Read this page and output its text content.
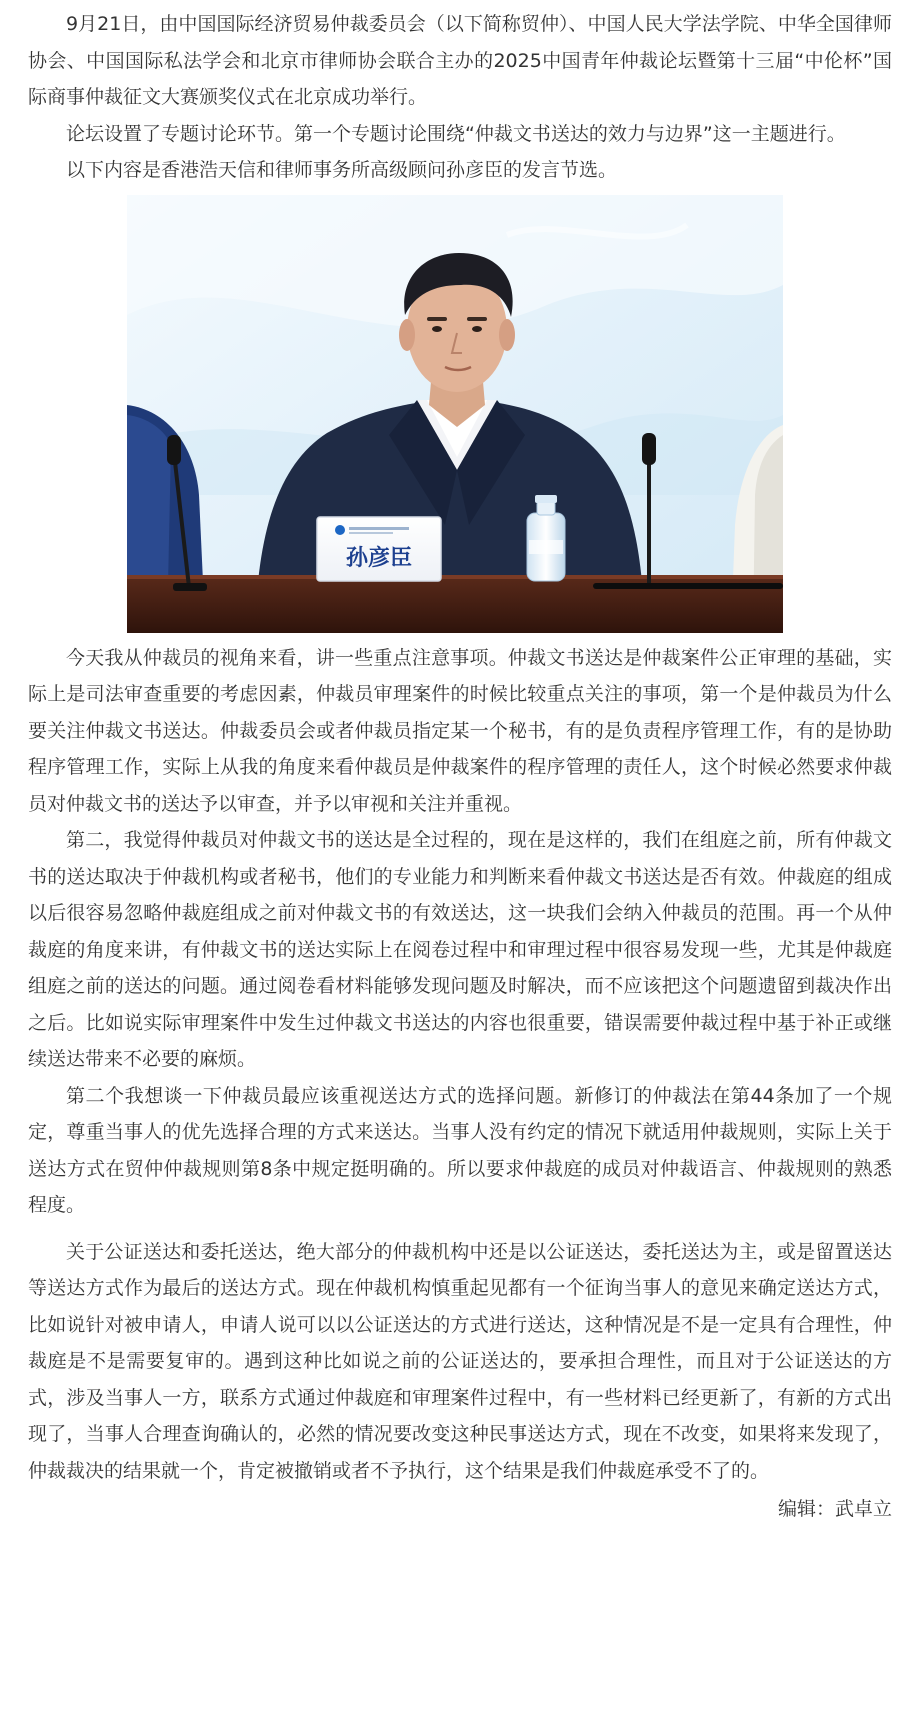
9月21日，由中国国际经济贸易仲裁委员会（以下简称贸仲）、中国人民大学法学院、中华全国律师协会、中国国际私法学会和北京市律师协会联合主办的2025中国青年仲裁论坛暨第十三届“中伦杯”国际商事仲裁征文大赛颁奖仪式在北京成功举行。

论坛设置了专题讨论环节。第一个专题讨论围绕“仲裁文书送达的效力与边界”这一主题进行。

以下内容是香港浩天信和律师事务所高级顾问孙彦臣的发言节选。

孙彦臣

今天我从仲裁员的视角来看，讲一些重点注意事项。仲裁文书送达是仲裁案件公正审理的基础，实际上是司法审查重要的考虑因素，仲裁员审理案件的时候比较重点关注的事项，第一个是仲裁员为什么要关注仲裁文书送达。仲裁委员会或者仲裁员指定某一个秘书，有的是负责程序管理工作，有的是协助程序管理工作，实际上从我的角度来看仲裁员是仲裁案件的程序管理的责任人，这个时候必然要求仲裁员对仲裁文书的送达予以审查，并予以审视和关注并重视。

第二，我觉得仲裁员对仲裁文书的送达是全过程的，现在是这样的，我们在组庭之前，所有仲裁文书的送达取决于仲裁机构或者秘书，他们的专业能力和判断来看仲裁文书送达是否有效。仲裁庭的组成以后很容易忽略仲裁庭组成之前对仲裁文书的有效送达，这一块我们会纳入仲裁员的范围。再一个从仲裁庭的角度来讲，有仲裁文书的送达实际上在阅卷过程中和审理过程中很容易发现一些，尤其是仲裁庭组庭之前的送达的问题。通过阅卷看材料能够发现问题及时解决，而不应该把这个问题遗留到裁决作出之后。比如说实际审理案件中发生过仲裁文书送达的内容也很重要，错误需要仲裁过程中基于补正或继续送达带来不必要的麻烦。

第二个我想谈一下仲裁员最应该重视送达方式的选择问题。新修订的仲裁法在第44条加了一个规定，尊重当事人的优先选择合理的方式来送达。当事人没有约定的情况下就适用仲裁规则，实际上关于送达方式在贸仲仲裁规则第8条中规定挺明确的。所以要求仲裁庭的成员对仲裁语言、仲裁规则的熟悉程度。

关于公证送达和委托送达，绝大部分的仲裁机构中还是以公证送达，委托送达为主，或是留置送达等送达方式作为最后的送达方式。现在仲裁机构慎重起见都有一个征询当事人的意见来确定送达方式，比如说针对被申请人，申请人说可以以公证送达的方式进行送达，这种情况是不是一定具有合理性，仲裁庭是不是需要复审的。遇到这种比如说之前的公证送达的，要承担合理性，而且对于公证送达的方式，涉及当事人一方，联系方式通过仲裁庭和审理案件过程中，有一些材料已经更新了，有新的方式出现了，当事人合理查询确认的，必然的情况要改变这种民事送达方式，现在不改变，如果将来发现了，仲裁裁决的结果就一个，肯定被撤销或者不予执行，这个结果是我们仲裁庭承受不了的。

编辑：武卓立
